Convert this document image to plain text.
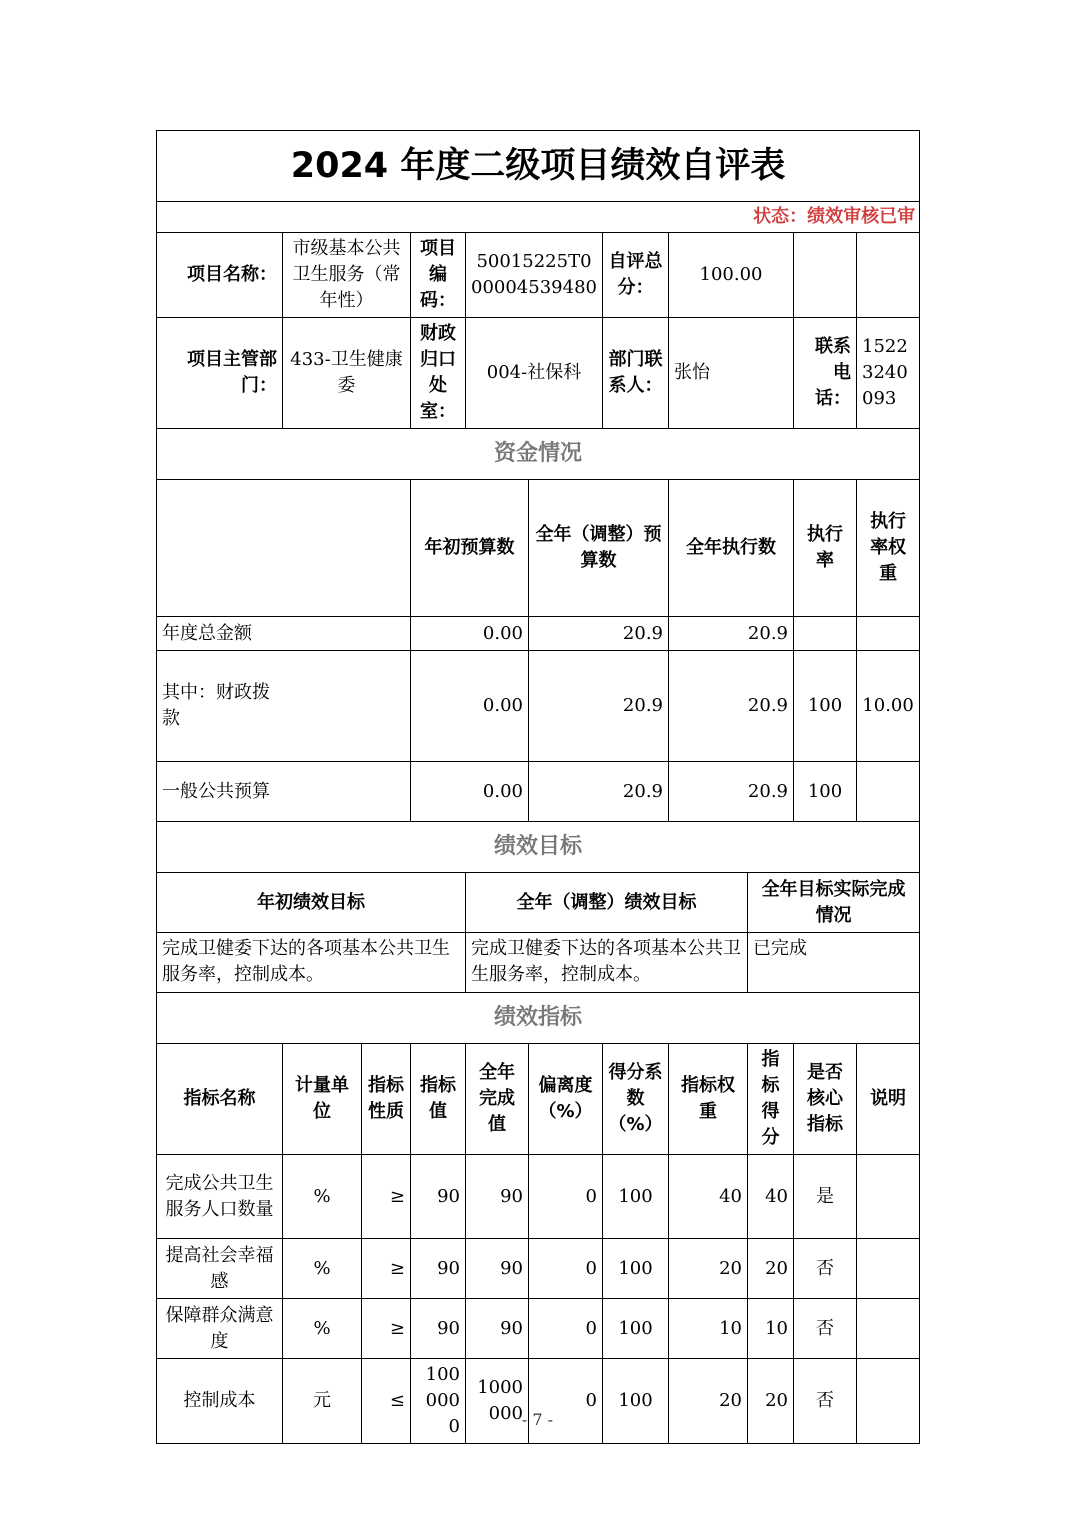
2024 年度二级项目绩效自评表											
状态：绩效审核已审											
项目名称：	市级基本公共卫生服务（常年性）		项目编码：	50015225T000004539480		自评总分：	100.00				
项目主管部门：	433-卫生健康委		财政归口处室：	004-社保科		部门联系人：	张怡		联系电话：	15223240093	
资金情况											
			年初预算数		全年（调整）预算数		全年执行数		执行率	执行率权重	
年度总金额			0.00		20.9		20.9				
其中：财政拨款			0.00		20.9		20.9		100	10.00	
一般公共预算			0.00		20.9		20.9		100		
绩效目标											
年初绩效目标				全年（调整）绩效目标				全年目标实际完成情况			
完成卫健委下达的各项基本公共卫生服务率，控制成本。				完成卫健委下达的各项基本公共卫生服务率，控制成本。				已完成			
绩效指标											
指标名称	计量单位	指标性质	指标值	全年完成值	偏离度（%）	得分系数（%）	指标权重	指标得分	是否核心指标	说明	
完成公共卫生服务人口数量	%	≥	90	90	0	100	40	40	是		
提高社会幸福感	%	≥	90	90	0	100	20	20	否		
保障群众满意度	%	≥	90	90	0	100	10	10	否		
控制成本	元	≤	1000000	1000000	0	100	20	20	否		
- 7 -
